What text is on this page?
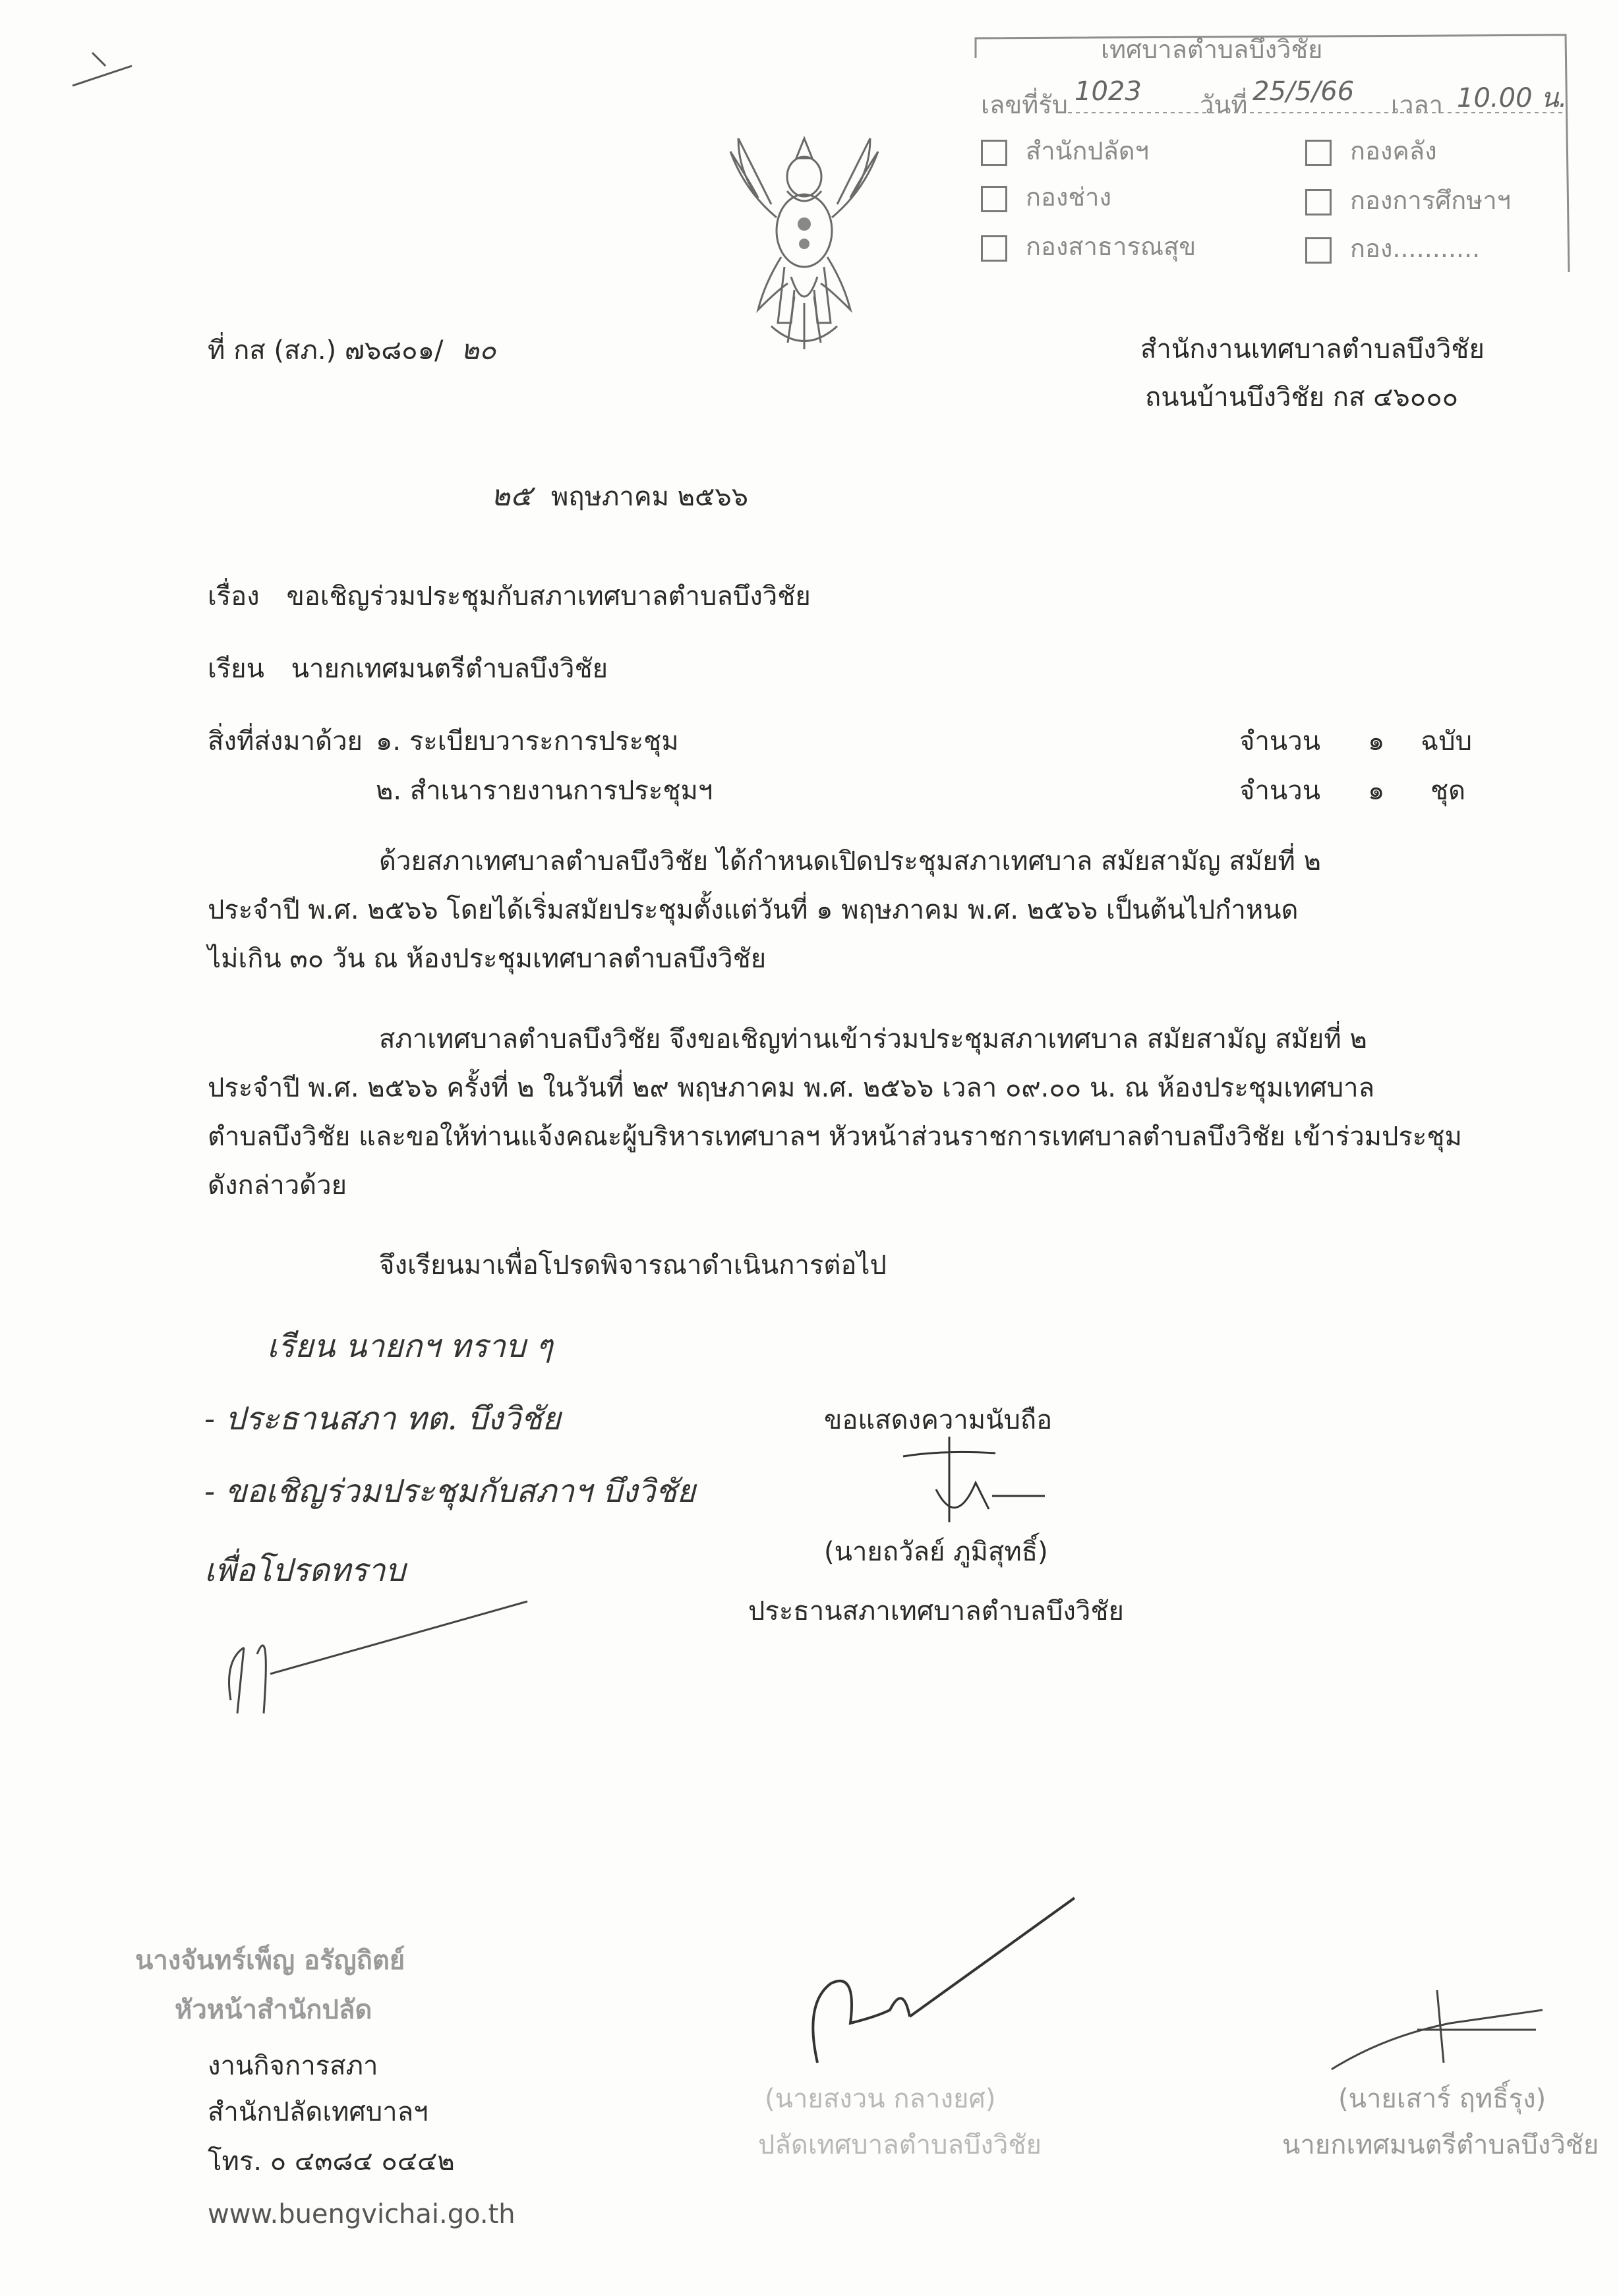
เทศบาลตำบลบึงวิชัย
เลขที่รับ 1023 วันที่ 25/5/66 เวลา 10.00 น.
สำนักปลัดฯ	กองคลัง
กองช่าง	กองการศึกษาฯ
กองสาธารณสุข	กอง...........
ที่ กส (สภ.) ๗๖๘๐๑/ ๒๐	สำนักงานเทศบาลตำบลบึงวิชัย
ถนนบ้านบึงวิชัย กส ๔๖๐๐๐
๒๕ พฤษภาคม ๒๕๖๖
เรื่อง ขอเชิญร่วมประชุมกับสภาเทศบาลตำบลบึงวิชัย
เรียน นายกเทศมนตรีตำบลบึงวิชัย
สิ่งที่ส่งมาด้วย ๑. ระเบียบวาระการประชุม	จำนวน ๑ ฉบับ
๒. สำเนารายงานการประชุมฯ	จำนวน ๑ ชุด
ด้วยสภาเทศบาลตำบลบึงวิชัย ได้กำหนดเปิดประชุมสภาเทศบาล สมัยสามัญ สมัยที่ ๒
ประจำปี พ.ศ. ๒๕๖๖ โดยได้เริ่มสมัยประชุมตั้งแต่วันที่ ๑ พฤษภาคม พ.ศ. ๒๕๖๖ เป็นต้นไปกำหนด
ไม่เกิน ๓๐ วัน ณ ห้องประชุมเทศบาลตำบลบึงวิชัย
สภาเทศบาลตำบลบึงวิชัย จึงขอเชิญท่านเข้าร่วมประชุมสภาเทศบาล สมัยสามัญ สมัยที่ ๒
ประจำปี พ.ศ. ๒๕๖๖ ครั้งที่ ๒ ในวันที่ ๒๙ พฤษภาคม พ.ศ. ๒๕๖๖ เวลา ๐๙.๐๐ น. ณ ห้องประชุมเทศบาล
ตำบลบึงวิชัย และขอให้ท่านแจ้งคณะผู้บริหารเทศบาลฯ หัวหน้าส่วนราชการเทศบาลตำบลบึงวิชัย เข้าร่วมประชุม
ดังกล่าวด้วย
จึงเรียนมาเพื่อโปรดพิจารณาดำเนินการต่อไป
เรียน นายกฯ ทราบ ๆ
- ประธานสภา ทต. บึงวิชัย
- ขอเชิญร่วมประชุมกับสภาฯ บึงวิชัย
เพื่อโปรดทราบ
ขอแสดงความนับถือ
(นายถวัลย์ ภูมิสุทธิ์)
ประธานสภาเทศบาลตำบลบึงวิชัย
นางจันทร์เพ็ญ อรัญถิตย์
หัวหน้าสำนักปลัด
(นายสงวน กลางยศ)
ปลัดเทศบาลตำบลบึงวิชัย
(นายเสาร์ ฤทธิ์รุง)
นายกเทศมนตรีตำบลบึงวิชัย
งานกิจการสภา
สำนักปลัดเทศบาลฯ
โทร. ๐ ๔๓๘๔ ๐๔๔๒
www.buengvichai.go.th
